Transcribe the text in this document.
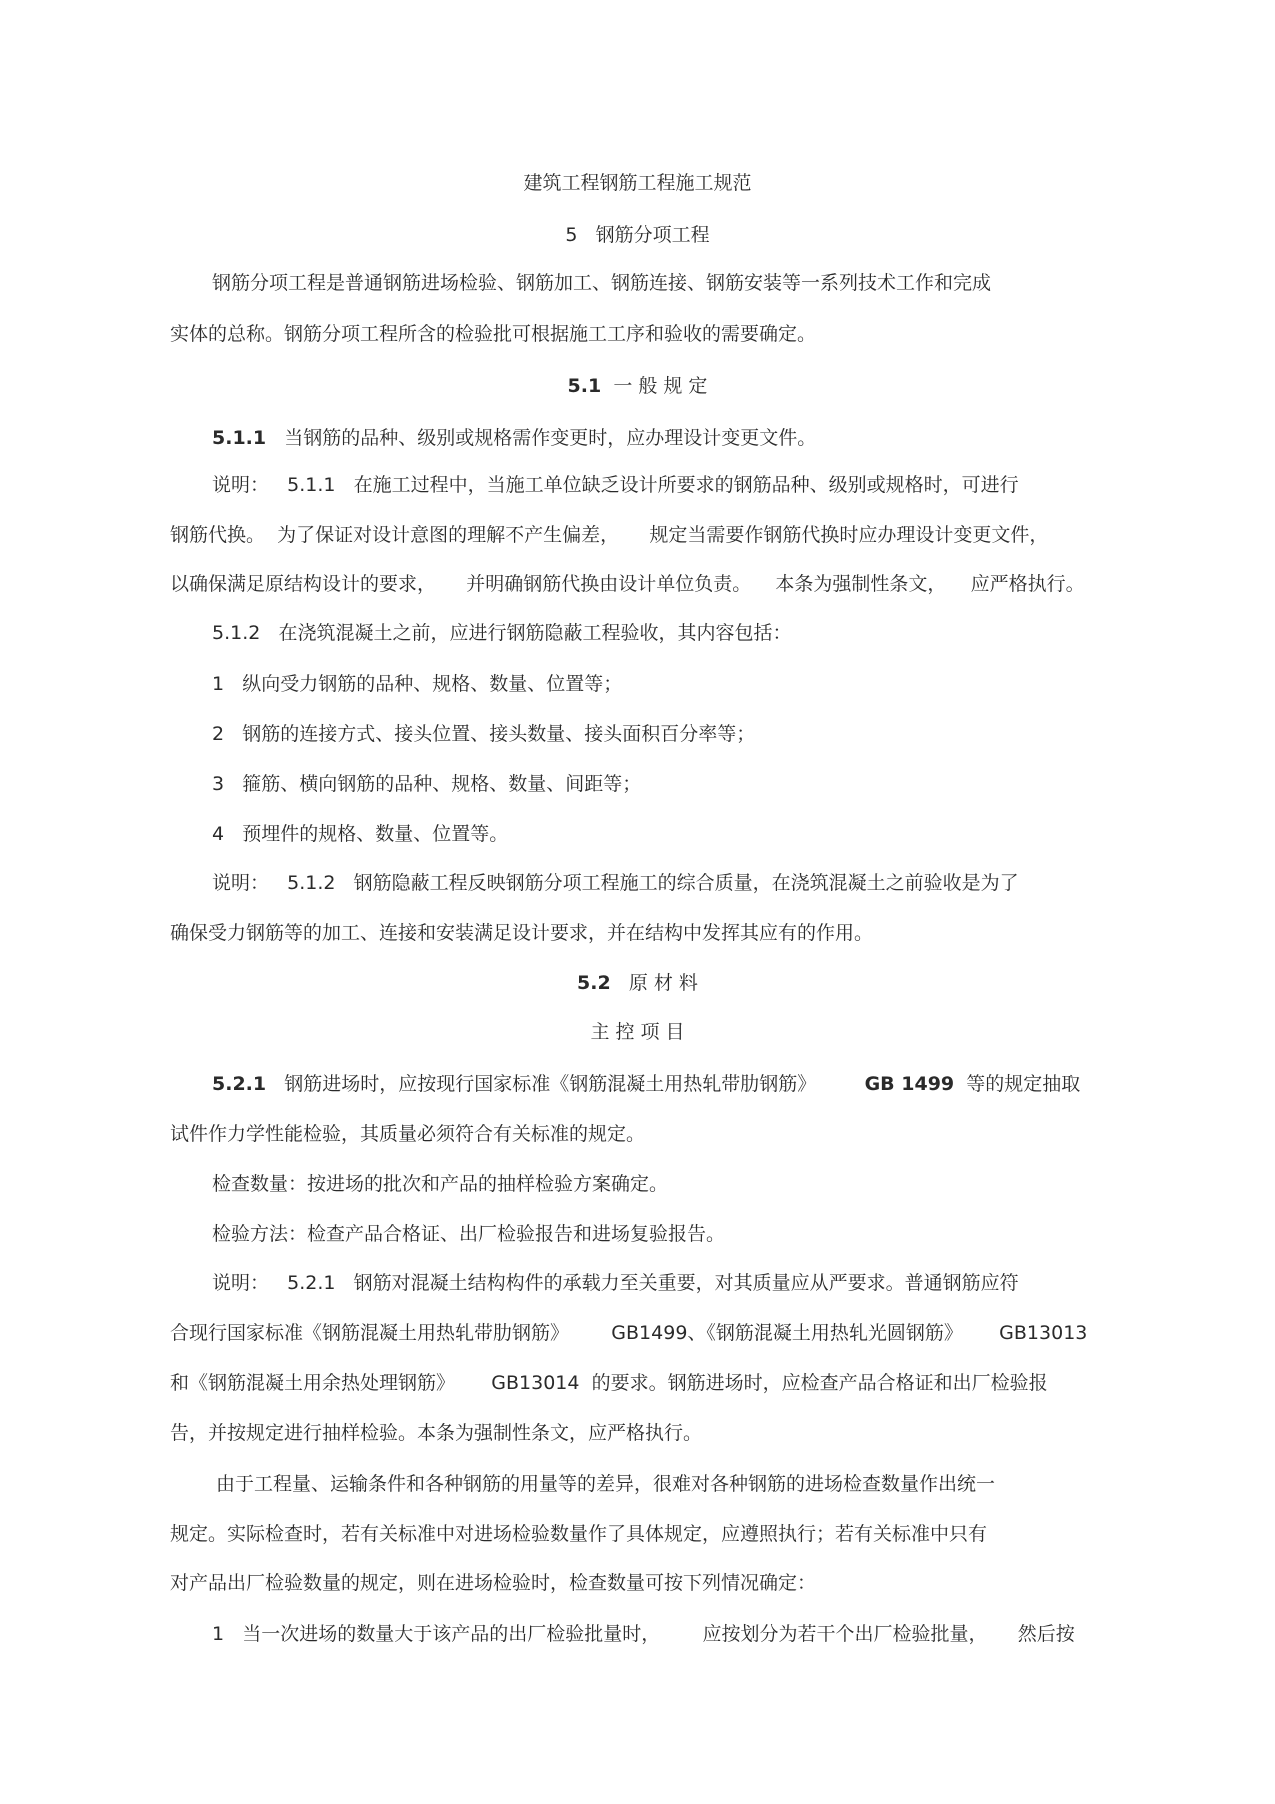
建筑工程钢筋工程施工规范
5 钢筋分项工程
钢筋分项工程是普通钢筋进场检验、钢筋加工、钢筋连接、钢筋安装等一系列技术工作和完成
实体的总称。钢筋分项工程所含的检验批可根据施工工序和验收的需要确定。
5.1 一 般 规 定
5.1.1 当钢筋的品种、级别或规格需作变更时，应办理设计变更文件。
说明： 5.1.1 在施工过程中，当施工单位缺乏设计所要求的钢筋品种、级别或规格时，可进行
钢筋代换。 为了保证对设计意图的理解不产生偏差， 规定当需要作钢筋代换时应办理设计变更文件，
以确保满足原结构设计的要求， 并明确钢筋代换由设计单位负责。 本条为强制性条文， 应严格执行。
5.1.2 在浇筑混凝土之前，应进行钢筋隐蔽工程验收，其内容包括：
1 纵向受力钢筋的品种、规格、数量、位置等；
2 钢筋的连接方式、接头位置、接头数量、接头面积百分率等；
3 箍筋、横向钢筋的品种、规格、数量、间距等；
4 预埋件的规格、数量、位置等。
说明： 5.1.2 钢筋隐蔽工程反映钢筋分项工程施工的综合质量，在浇筑混凝土之前验收是为了
确保受力钢筋等的加工、连接和安装满足设计要求，并在结构中发挥其应有的作用。
5.2 原 材 料
主 控 项 目
5.2.1 钢筋进场时，应按现行国家标准《钢筋混凝土用热轧带肋钢筋》	GB 1499 等的规定抽取
试件作力学性能检验，其质量必须符合有关标准的规定。
检查数量：按进场的批次和产品的抽样检验方案确定。
检验方法：检查产品合格证、出厂检验报告和进场复验报告。
说明： 5.2.1 钢筋对混凝土结构构件的承载力至关重要，对其质量应从严要求。普通钢筋应符
合现行国家标准《钢筋混凝土用热轧带肋钢筋》 GB1499、《钢筋混凝土用热轧光圆钢筋》 GB13013
和《钢筋混凝土用余热处理钢筋》 GB13014 的要求。钢筋进场时，应检查产品合格证和出厂检验报
告，并按规定进行抽样检验。本条为强制性条文，应严格执行。
由于工程量、运输条件和各种钢筋的用量等的差异，很难对各种钢筋的进场检查数量作出统一
规定。实际检查时，若有关标准中对进场检验数量作了具体规定，应遵照执行；若有关标准中只有
对产品出厂检验数量的规定，则在进场检验时，检查数量可按下列情况确定：
1 当一次进场的数量大于该产品的出厂检验批量时， 应按划分为若干个出厂检验批量， 然后按
